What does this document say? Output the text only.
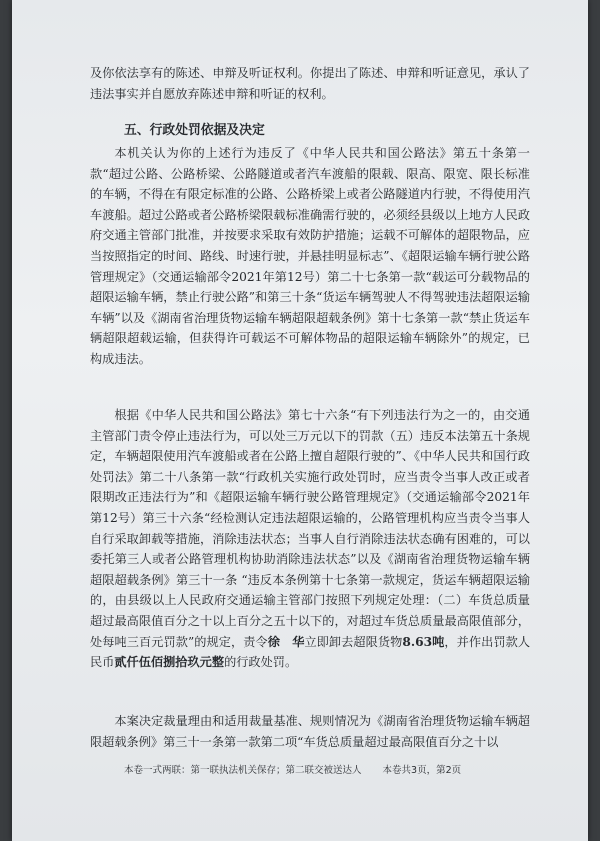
及你依法享有的陈述、申辩及听证权利。你提出了陈述、申辩和听证意见，承认了违法事实并自愿放弃陈述申辩和听证的权利。
五、行政处罚依据及决定
本机关认为你的上述行为违反了《中华人民共和国公路法》第五十条第一款“超过公路、公路桥梁、公路隧道或者汽车渡船的限载、限高、限宽、限长标准的车辆，不得在有限定标准的公路、公路桥梁上或者公路隧道内行驶，不得使用汽车渡船。超过公路或者公路桥梁限载标准确需行驶的，必须经县级以上地方人民政府交通主管部门批准，并按要求采取有效防护措施；运载不可解体的超限物品，应当按照指定的时间、路线、时速行驶，并悬挂明显标志”、《超限运输车辆行驶公路管理规定》（交通运输部令2021年第12号）第二十七条第一款“载运可分载物品的超限运输车辆，禁止行驶公路”和第三十条“货运车辆驾驶人不得驾驶违法超限运输车辆”以及《湖南省治理货物运输车辆超限超载条例》第十七条第一款“禁止货运车辆超限超载运输，但获得许可载运不可解体物品的超限运输车辆除外”的规定，已构成违法。
根据《中华人民共和国公路法》第七十六条“有下列违法行为之一的，由交通主管部门责令停止违法行为，可以处三万元以下的罚款（五）违反本法第五十条规定，车辆超限使用汽车渡船或者在公路上擅自超限行驶的”、《中华人民共和国行政处罚法》第二十八条第一款“行政机关实施行政处罚时，应当责令当事人改正或者限期改正违法行为”和《超限运输车辆行驶公路管理规定》（交通运输部令2021年第12号）第三十六条“经检测认定违法超限运输的，公路管理机构应当责令当事人自行采取卸载等措施，消除违法状态；当事人自行消除违法状态确有困难的，可以委托第三人或者公路管理机构协助消除违法状态”以及《湖南省治理货物运输车辆超限超载条例》第三十一条 “违反本条例第十七条第一款规定，货运车辆超限运输的，由县级以上人民政府交通运输主管部门按照下列规定处理：（二）车货总质量超过最高限值百分之十以上百分之五十以下的，对超过车货总质量最高限值部分，处每吨三百元罚款”的规定，责令徐　华立即卸去超限货物8.63吨，并作出罚款人民币贰仟伍佰捌拾玖元整的行政处罚。
本案决定裁量理由和适用裁量基准、规则情况为《湖南省治理货物运输车辆超限超载条例》第三十一条第一款第二项“车货总质量超过最高限值百分之十以
本卷一式两联：第一联执法机关保存；第二联交被送达人 本卷共3页，第2页
